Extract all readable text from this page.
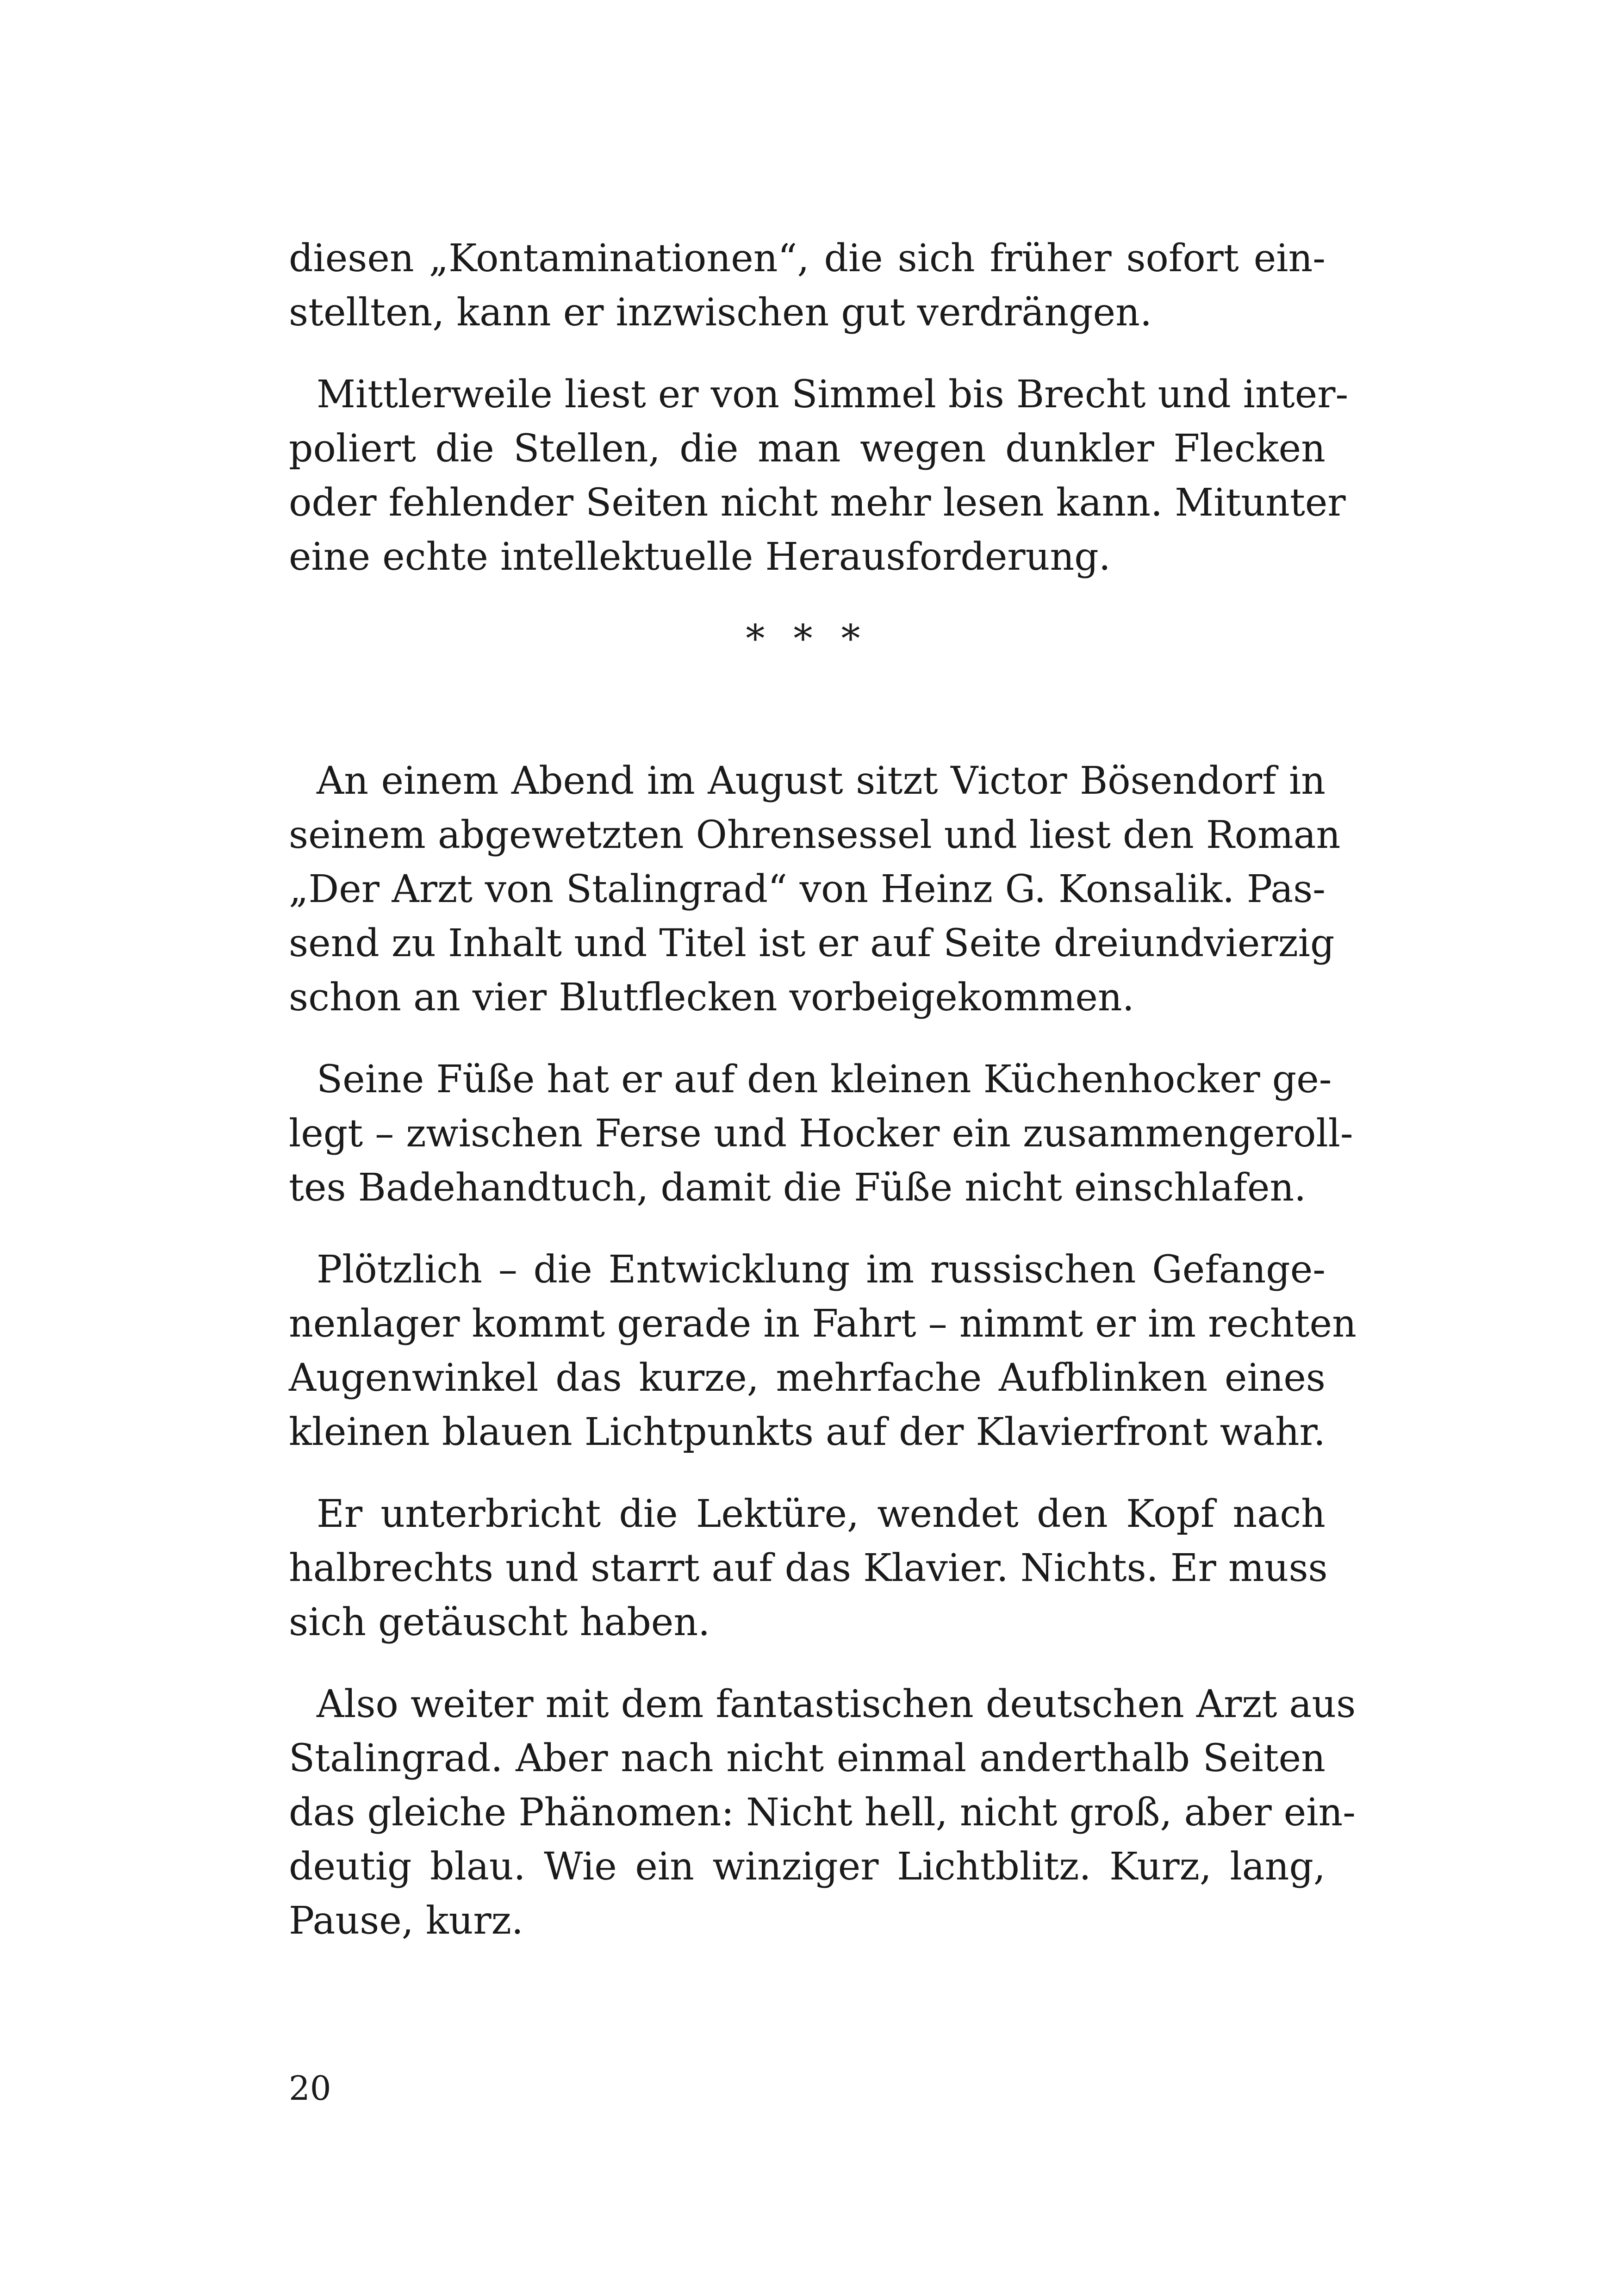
diesen „Kontaminationen“, die sich früher sofort ein-
stellten, kann er inzwischen gut verdrängen.
Mittlerweile liest er von Simmel bis Brecht und inter-
poliert die Stellen, die man wegen dunkler Flecken
oder fehlender Seiten nicht mehr lesen kann. Mitunter
eine echte intellektuelle Herausforderung.
* * *
An einem Abend im August sitzt Victor Bösendorf in
seinem abgewetzten Ohrensessel und liest den Roman
„Der Arzt von Stalingrad“ von Heinz G. Konsalik. Pas-
send zu Inhalt und Titel ist er auf Seite dreiundvierzig
schon an vier Blutflecken vorbeigekommen.
Seine Füße hat er auf den kleinen Küchenhocker ge-
legt – zwischen Ferse und Hocker ein zusammengeroll-
tes Badehandtuch, damit die Füße nicht einschlafen.
Plötzlich – die Entwicklung im russischen Gefange-
nenlager kommt gerade in Fahrt – nimmt er im rechten
Augenwinkel das kurze, mehrfache Aufblinken eines
kleinen blauen Lichtpunkts auf der Klavierfront wahr.
Er unterbricht die Lektüre, wendet den Kopf nach
halbrechts und starrt auf das Klavier. Nichts. Er muss
sich getäuscht haben.
Also weiter mit dem fantastischen deutschen Arzt aus
Stalingrad. Aber nach nicht einmal anderthalb Seiten
das gleiche Phänomen: Nicht hell, nicht groß, aber ein-
deutig blau. Wie ein winziger Lichtblitz. Kurz, lang,
Pause, kurz.
20
